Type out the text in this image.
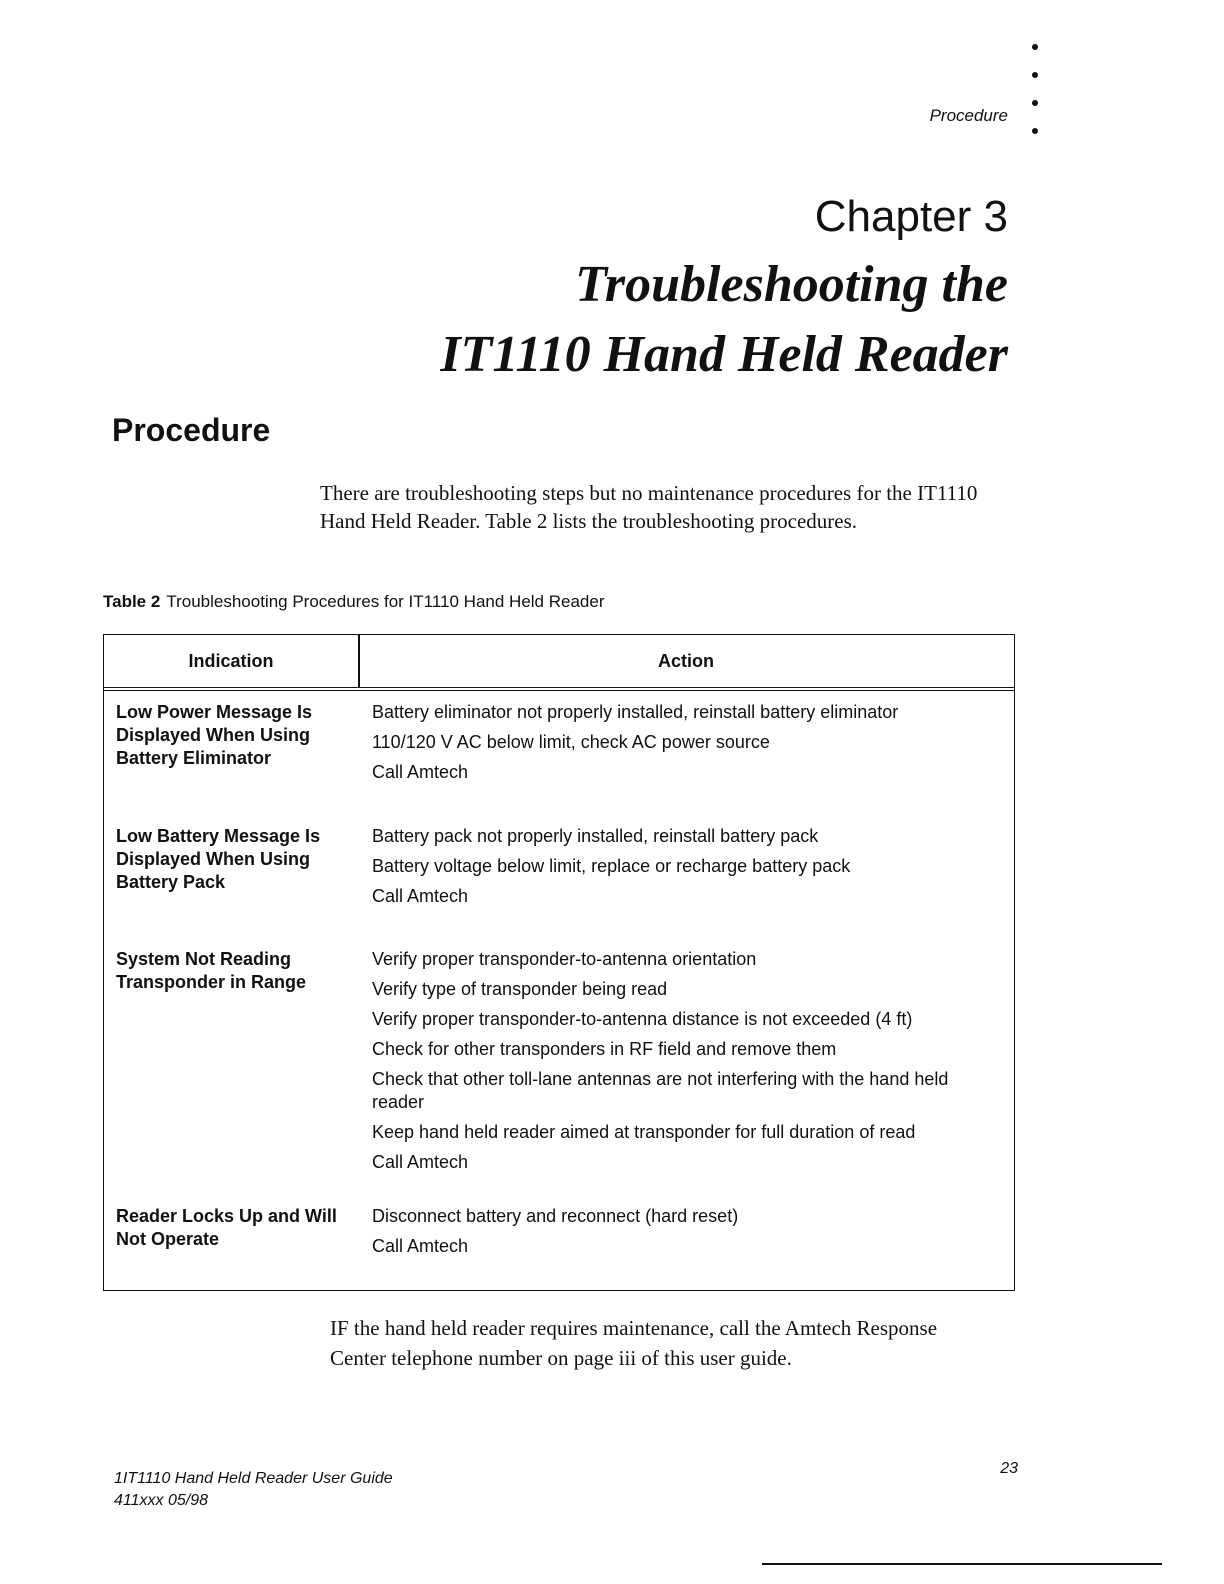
Procedure
Chapter 3
Troubleshooting the
IT1110 Hand Held Reader
Procedure
There are troubleshooting steps but no maintenance procedures for the IT1110 Hand Held Reader. Table 2 lists the troubleshooting procedures.
Table 2 Troubleshooting Procedures for IT1110 Hand Held Reader
Indication	Action
Low Power Message Is Displayed When Using Battery Eliminator
Battery eliminator not properly installed, reinstall battery eliminator
110/120 V AC below limit, check AC power source
Call Amtech
Low Battery Message Is Displayed When Using Battery Pack
Battery pack not properly installed, reinstall battery pack
Battery voltage below limit, replace or recharge battery pack
Call Amtech
System Not Reading Transponder in Range
Verify proper transponder-to-antenna orientation
Verify type of transponder being read
Verify proper transponder-to-antenna distance is not exceeded (4 ft)
Check for other transponders in RF field and remove them
Check that other toll-lane antennas are not interfering with the hand held reader
Keep hand held reader aimed at transponder for full duration of read
Call Amtech
Reader Locks Up and Will Not Operate
Disconnect battery and reconnect (hard reset)
Call Amtech
IF the hand held reader requires maintenance, call the Amtech Response Center telephone number on page iii of this user guide.
1IT1110 Hand Held Reader User Guide
411xxx 05/98
23
